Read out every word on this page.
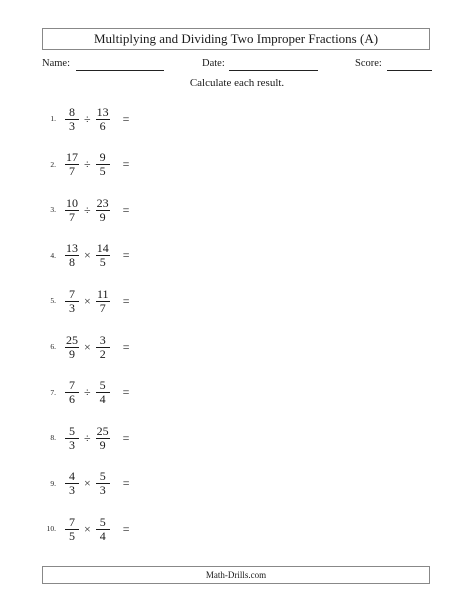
Multiplying and Dividing Two Improper Fractions (A)
Name:	Date:	Score:
Calculate each result.
1. $\frac{8}{3} \div \frac{13}{6}$ =
2. $\frac{17}{7} \div \frac{9}{5}$ =
3. $\frac{10}{7} \div \frac{23}{9}$ =
4. $\frac{13}{8} \times \frac{14}{5}$ =
5. $\frac{7}{3} \times \frac{11}{7}$ =
6. $\frac{25}{9} \times \frac{3}{2}$ =
7. $\frac{7}{6} \div \frac{5}{4}$ =
8. $\frac{5}{3} \div \frac{25}{9}$ =
9. $\frac{4}{3} \times \frac{5}{3}$ =
10. $\frac{7}{5} \times \frac{5}{4}$ =
Math-Drills.com
